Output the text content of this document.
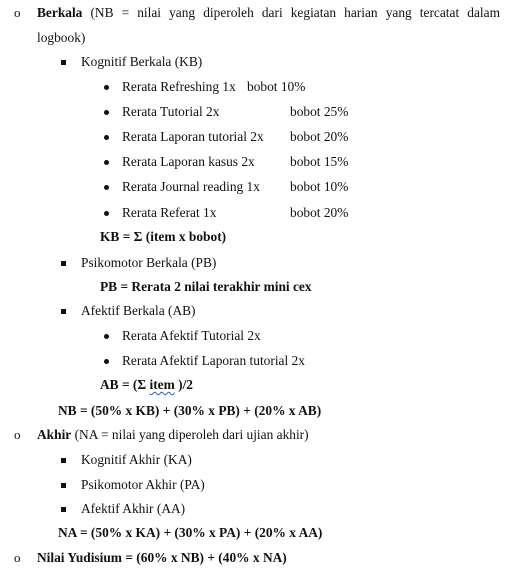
o Berkala (NB = nilai yang diperoleh dari kegiatan harian yang tercatat dalam
logbook)
Kognitif Berkala (KB)
Rerata Refreshing 1x bobot 10%
Rerata Tutorial 2x	bobot 25%
Rerata Laporan tutorial 2x bobot 20%
Rerata Laporan kasus 2x	bobot 15%
Rerata Journal reading 1x bobot 10%
Rerata Referat 1x	bobot 20%
KB = Σ (item x bobot)
Psikomotor Berkala (PB)
PB = Rerata 2 nilai terakhir mini cex
Afektif Berkala (AB)
Rerata Afektif Tutorial 2x
Rerata Afektif Laporan tutorial 2x
AB = (Σ item )/2
NB = (50% x KB) + (30% x PB) + (20% x AB)
o Akhir (NA = nilai yang diperoleh dari ujian akhir)
Kognitif Akhir (KA)
Psikomotor Akhir (PA)
Afektif Akhir (AA)
NA = (50% x KA) + (30% x PA) + (20% x AA)
o Nilai Yudisium = (60% x NB) + (40% x NA)
